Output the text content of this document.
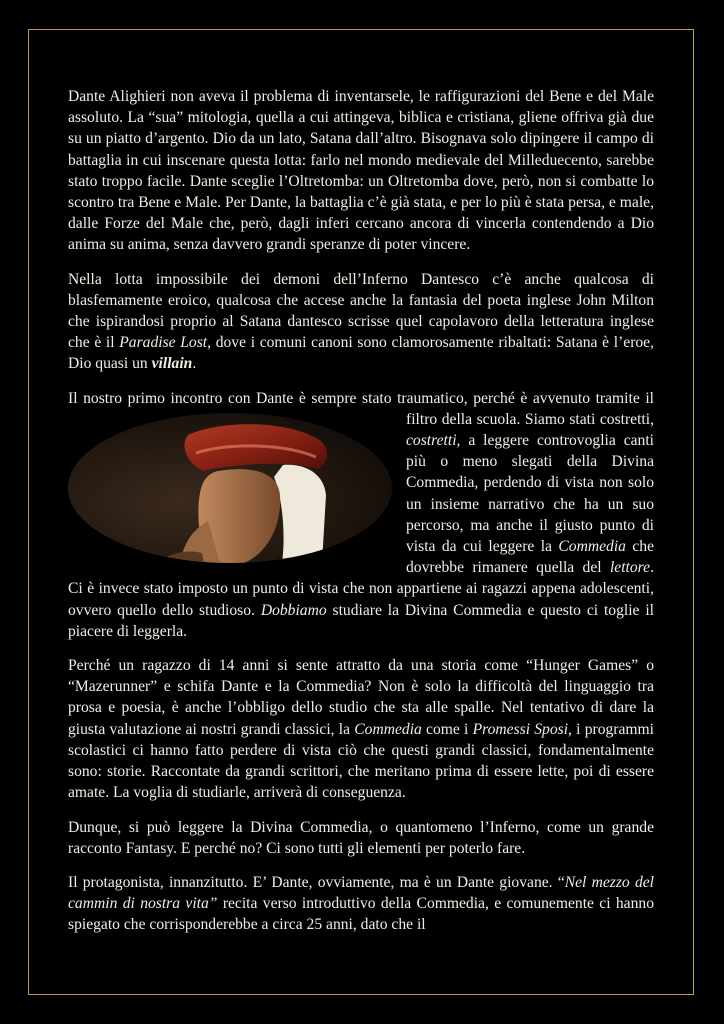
Dante Alighieri non aveva il problema di inventarsele, le raffigurazioni del Bene e del Male assoluto. La “sua” mitologia, quella a cui attingeva, biblica e cristiana, gliene offriva già due su un piatto d’argento. Dio da un lato, Satana dall’altro. Bisognava solo dipingere il campo di battaglia in cui inscenare questa lotta: farlo nel mondo medievale del Milleduecento, sarebbe stato troppo facile. Dante sceglie l’Oltretomba: un Oltretomba dove, però, non si combatte lo scontro tra Bene e Male. Per Dante, la battaglia c’è già stata, e per lo più è stata persa, e male, dalle Forze del Male che, però, dagli inferi cercano ancora di vincerla contendendo a Dio anima su anima, senza davvero grandi speranze di poter vincere.

Nella lotta impossibile dei demoni dell’Inferno Dantesco c’è anche qualcosa di blasfemamente eroico, qualcosa che accese anche la fantasia del poeta inglese John Milton che ispirandosi proprio al Satana dantesco scrisse quel capolavoro della letteratura inglese che è il Paradise Lost, dove i comuni canoni sono clamorosamente ribaltati: Satana è l’eroe, Dio quasi un villain.

Il nostro primo incontro con Dante è sempre stato traumatico, perché è avvenuto tramite il filtro della scuola. Siamo stati costretti,
costretti, a leggere controvoglia canti più o meno slegati della Divina Commedia, perdendo di vista non solo un insieme narrativo che ha un suo percorso, ma anche il giusto punto di vista da cui leggere la Commedia che dovrebbe rimanere quella del lettore. Ci è invece stato imposto un punto di vista che non appartiene ai ragazzi appena adolescenti, ovvero quello dello studioso. Dobbiamo studiare la Divina Commedia e questo ci toglie il piacere di leggerla.

Perché un ragazzo di 14 anni si sente attratto da una storia come “Hunger Games” o “Mazerunner” e schifa Dante e la Commedia? Non è solo la difficoltà del linguaggio tra prosa e poesia, è anche l’obbligo dello studio che sta alle spalle. Nel tentativo di dare la giusta valutazione ai nostri grandi classici, la Commedia come i Promessi Sposi, i programmi scolastici ci hanno fatto perdere di vista ciò che questi grandi classici, fondamentalmente sono: storie. Raccontate da grandi scrittori, che meritano prima di essere lette, poi di essere amate. La voglia di studiarle, arriverà di conseguenza.

Dunque, si può leggere la Divina Commedia, o quantomeno l’Inferno, come un grande racconto Fantasy. E perché no? Ci sono tutti gli elementi per poterlo fare.

Il protagonista, innanzitutto. E’ Dante, ovviamente, ma è un Dante giovane. “Nel mezzo del cammin di nostra vita” recita verso introduttivo della Commedia, e comunemente ci hanno spiegato che corrisponderebbe a circa 25 anni, dato che il
